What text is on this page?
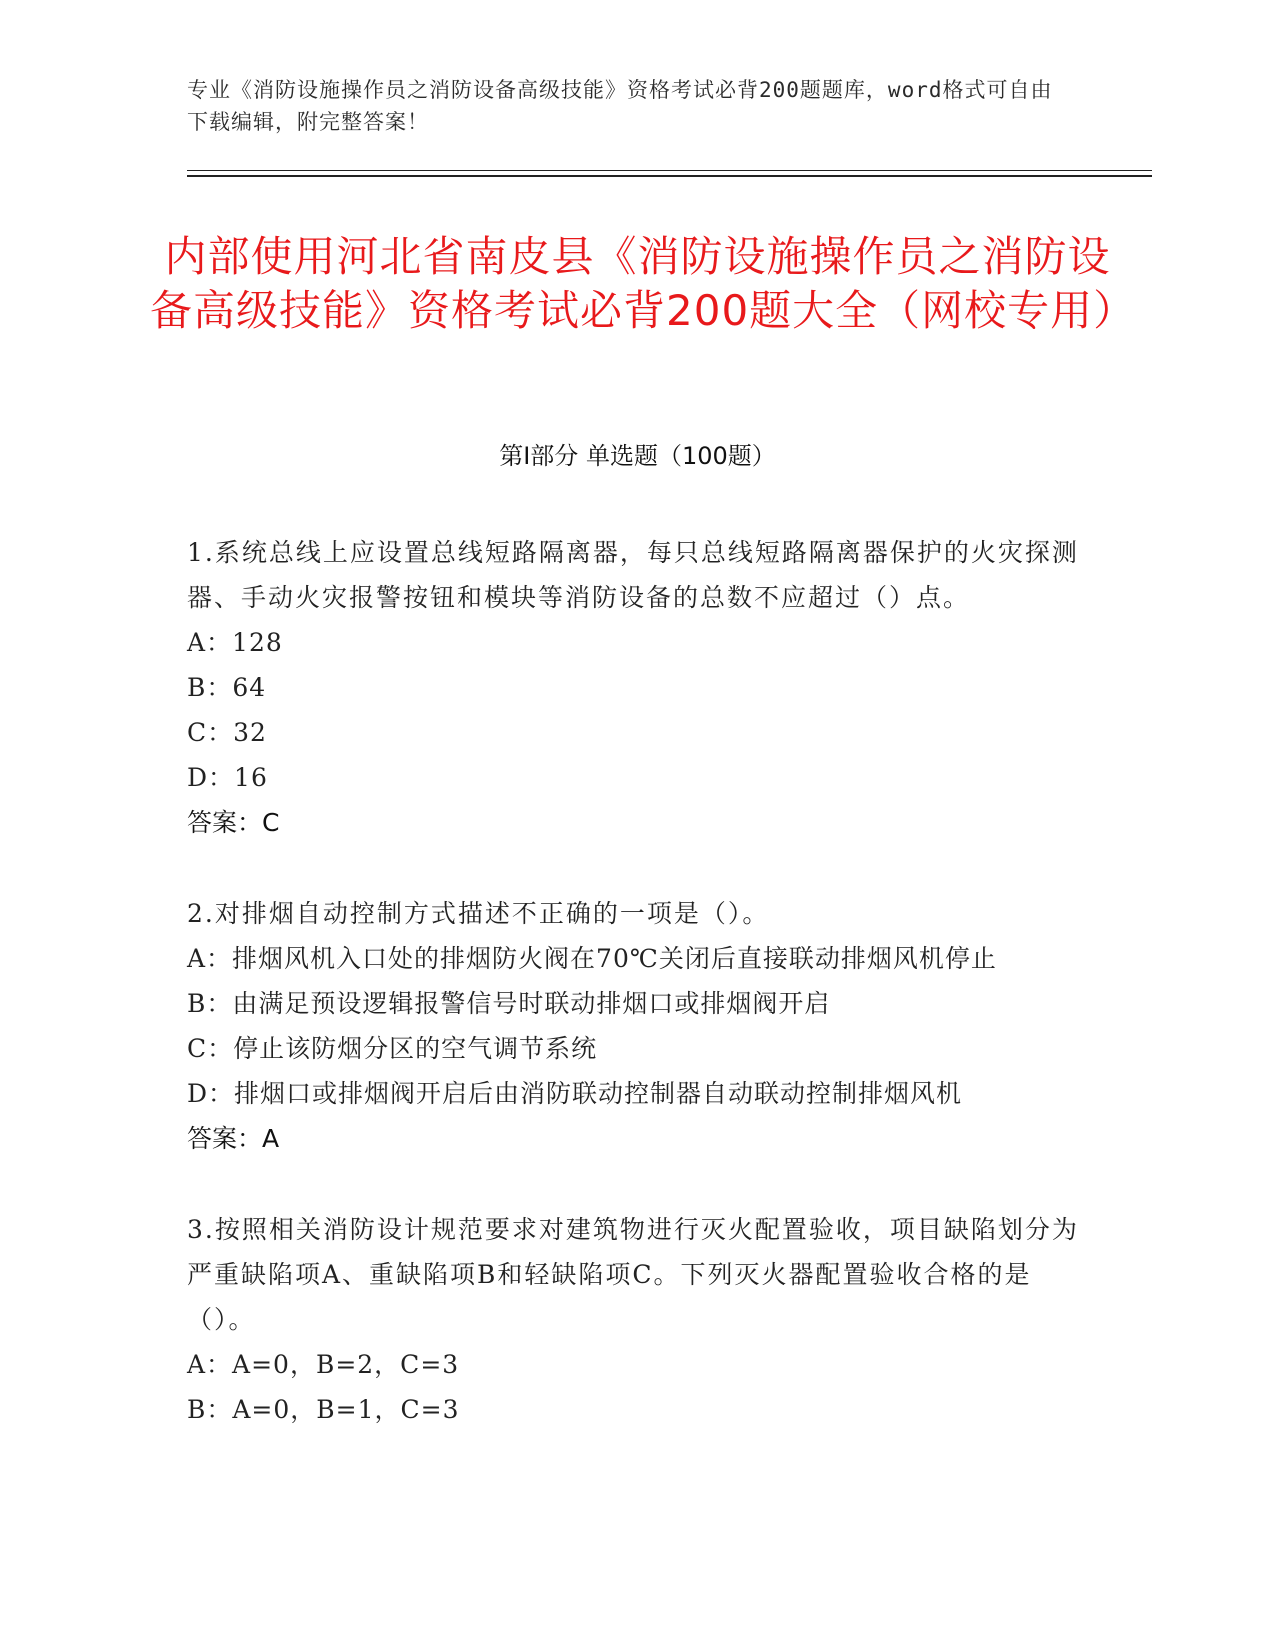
专业《消防设施操作员之消防设备高级技能》资格考试必背200题题库，word格式可自由下载编辑，附完整答案！
内部使用河北省南皮县《消防设施操作员之消防设备高级技能》资格考试必背200题大全（网校专用）
第I部分 单选题（100题）
1.系统总线上应设置总线短路隔离器，每只总线短路隔离器保护的火灾探测器、手动火灾报警按钮和模块等消防设备的总数不应超过（）点。
A：128
B：64
C：32
D：16
答案：C
2.对排烟自动控制方式描述不正确的一项是（）。
A：排烟风机入口处的排烟防火阀在70℃关闭后直接联动排烟风机停止
B：由满足预设逻辑报警信号时联动排烟口或排烟阀开启
C：停止该防烟分区的空气调节系统
D：排烟口或排烟阀开启后由消防联动控制器自动联动控制排烟风机
答案：A
3.按照相关消防设计规范要求对建筑物进行灭火配置验收，项目缺陷划分为严重缺陷项A、重缺陷项B和轻缺陷项C。下列灭火器配置验收合格的是（）。
A：A=0，B=2，C=3
B：A=0，B=1，C=3
